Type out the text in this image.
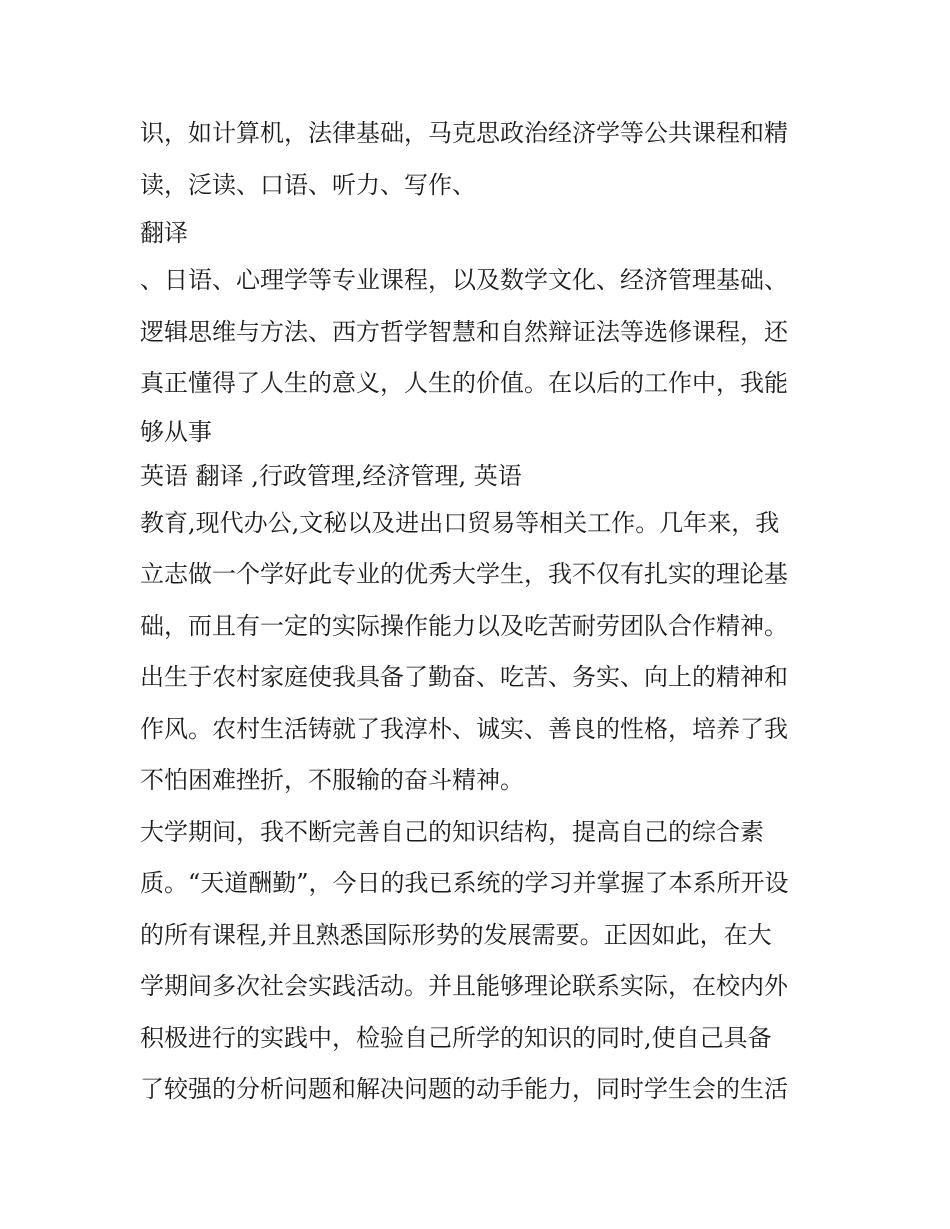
识，如计算机，法律基础，马克思政治经济学等公共课程和精
读，泛读、口语、听力、写作、
翻译
、日语、心理学等专业课程，以及数学文化、经济管理基础、
逻辑思维与方法、西方哲学智慧和自然辩证法等选修课程，还
真正懂得了人生的意义，人生的价值。在以后的工作中，我能
够从事
英语 翻译 ,行政管理,经济管理, 英语
教育,现代办公,文秘以及进出口贸易等相关工作。几年来，我
立志做一个学好此专业的优秀大学生，我不仅有扎实的理论基
础，而且有一定的实际操作能力以及吃苦耐劳团队合作精神。
出生于农村家庭使我具备了勤奋、吃苦、务实、向上的精神和
作风。农村生活铸就了我淳朴、诚实、善良的性格，培养了我
不怕困难挫折，不服输的奋斗精神。
大学期间，我不断完善自己的知识结构，提高自己的综合素
质。“天道酬勤”，今日的我已系统的学习并掌握了本系所开设
的所有课程,并且熟悉国际形势的发展需要。正因如此，在大
学期间多次社会实践活动。并且能够理论联系实际，在校内外
积极进行的实践中，检验自己所学的知识的同时,使自己具备
了较强的分析问题和解决问题的动手能力，同时学生会的生活
